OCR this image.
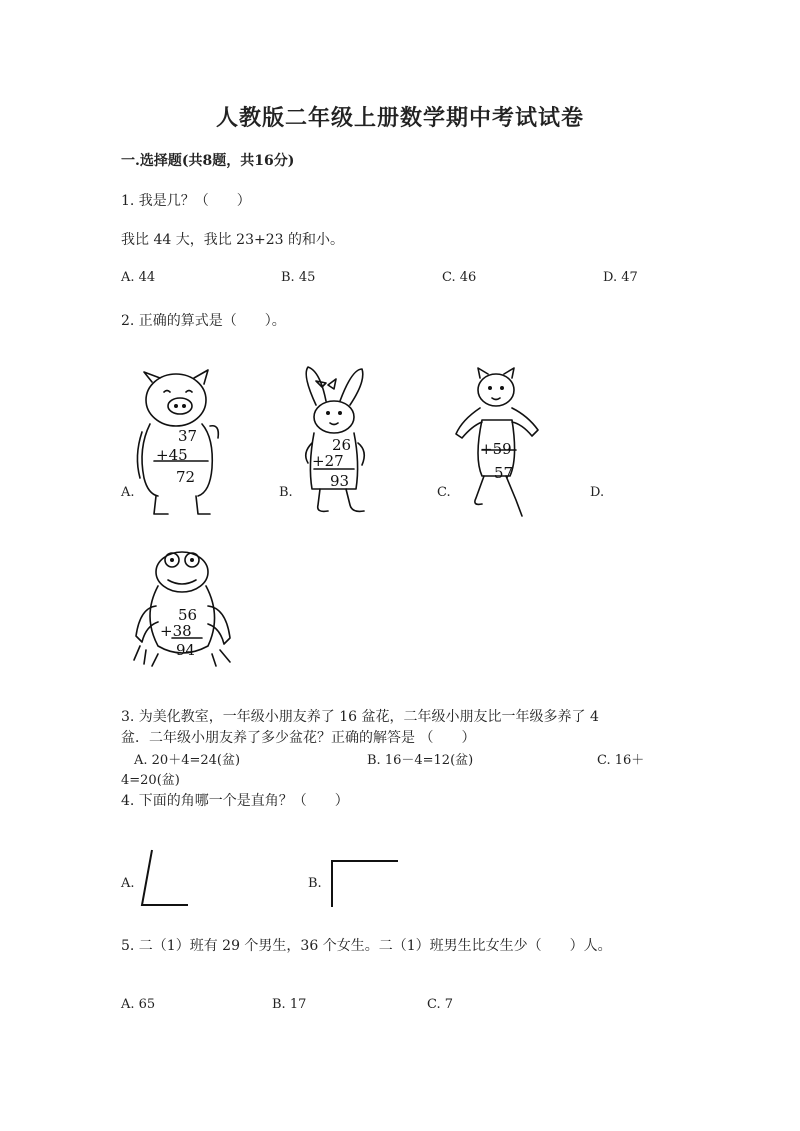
人教版二年级上册数学期中考试试卷
一.选择题(共8题，共16分)
1. 我是几？（　　）
我比 44 大，我比 23+23 的和小。
A. 44	B. 45	C. 46	D. 47
2. 正确的算式是（　　）。
A.	B.	C.	D.
37
+45
72
26
+27
93
+59
57
56
+38
94
3. 为美化教室，一年级小朋友养了 16 盆花，二年级小朋友比一年级多养了 4
盆．二年级小朋友养了多少盆花？正确的解答是 （　　）
A. 20＋4=24(盆)	B. 16－4=12(盆)	C. 16＋
4=20(盆)
4. 下面的角哪一个是直角？（　　）
A.	B.
5. 二（1）班有 29 个男生，36 个女生。二（1）班男生比女生少（　　）人。
A. 65	B. 17	C. 7
